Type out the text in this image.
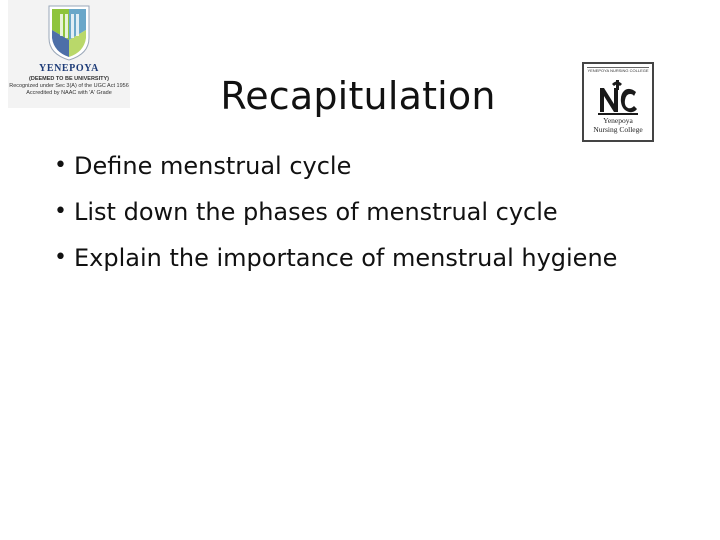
YENEPOYA
(DEEMED TO BE UNIVERSITY)
Recognized under Sec 3(A) of the UGC Act 1956
Accredited by NAAC with 'A' Grade
YENEPOYA NURSING COLLEGE
Yenepoya
Nursing College
Recapitulation
• Define menstrual cycle
• List down the phases of menstrual cycle
• Explain the importance of menstrual hygiene
